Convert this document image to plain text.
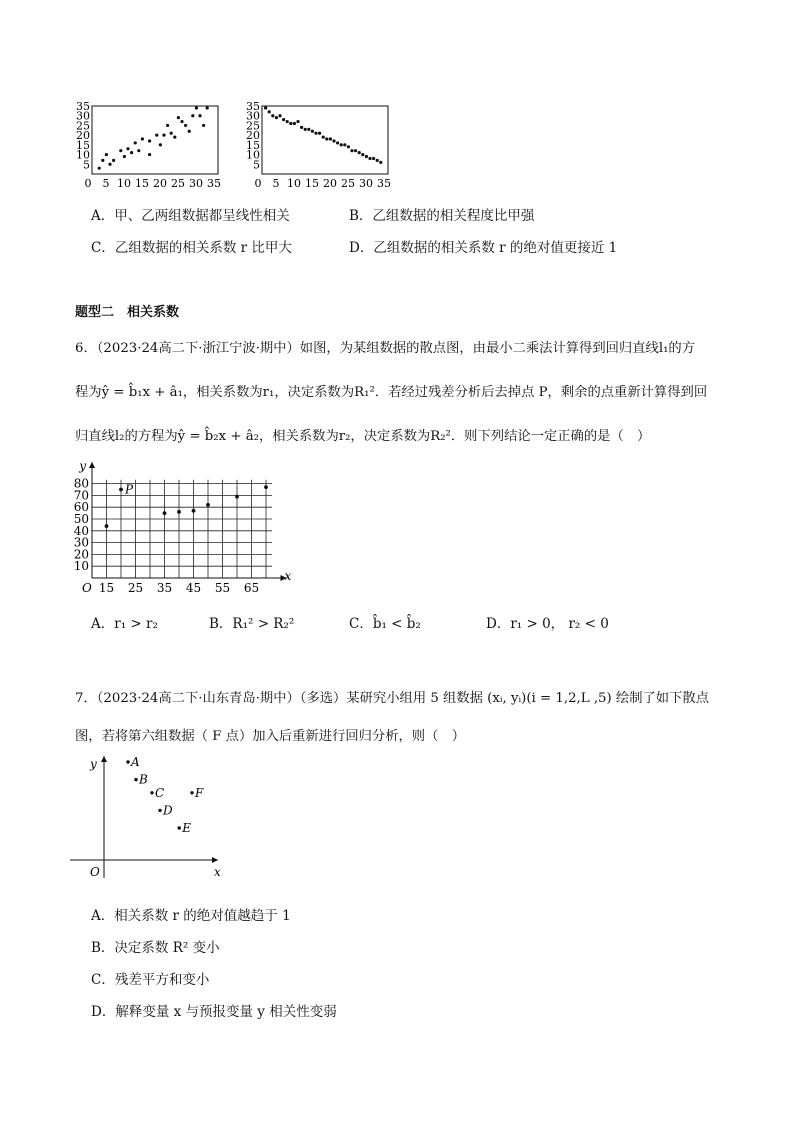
5
10
15
20
25
30
35
0 5 10 15 20 25 30 35
5
10
15
20
25
30
35
0 5 10 15 20 25 30 35
A．甲、乙两组数据都呈线性相关	B．乙组数据的相关程度比甲强
C．乙组数据的相关系数 r 比甲大	D．乙组数据的相关系数 r 的绝对值更接近 1
题型二　相关系数
6．（2023·24高二下·浙江宁波·期中）如图，为某组数据的散点图，由最小二乘法计算得到回归直线l₁的方
程为ŷ = b̂₁x + â₁，相关系数为r₁，决定系数为R₁²．若经过残差分析后去掉点 P，剩余的点重新计算得到回
归直线l₂的方程为ŷ = b̂₂x + â₂，相关系数为r₂，决定系数为R₂²．则下列结论一定正确的是（　）
x
y
O
10
20
30
40
50
60
70
80
15 25 35 45 55 65
P
A．r₁ > r₂	B．R₁² > R₂²	C．b̂₁ < b̂₂	D．r₁ > 0， r₂ < 0
7．（2023·24高二下·山东青岛·期中）（多选）某研究小组用 5 组数据 (xᵢ, yᵢ)(i = 1,2,L ,5) 绘制了如下散点
图，若将第六组数据（ F 点）加入后重新进行回归分析，则（　）
x
y
O
A
B
C
D
E
F
A．相关系数 r 的绝对值越趋于 1
B．决定系数 R² 变小
C．残差平方和变小
D．解释变量 x 与预报变量 y 相关性变弱
